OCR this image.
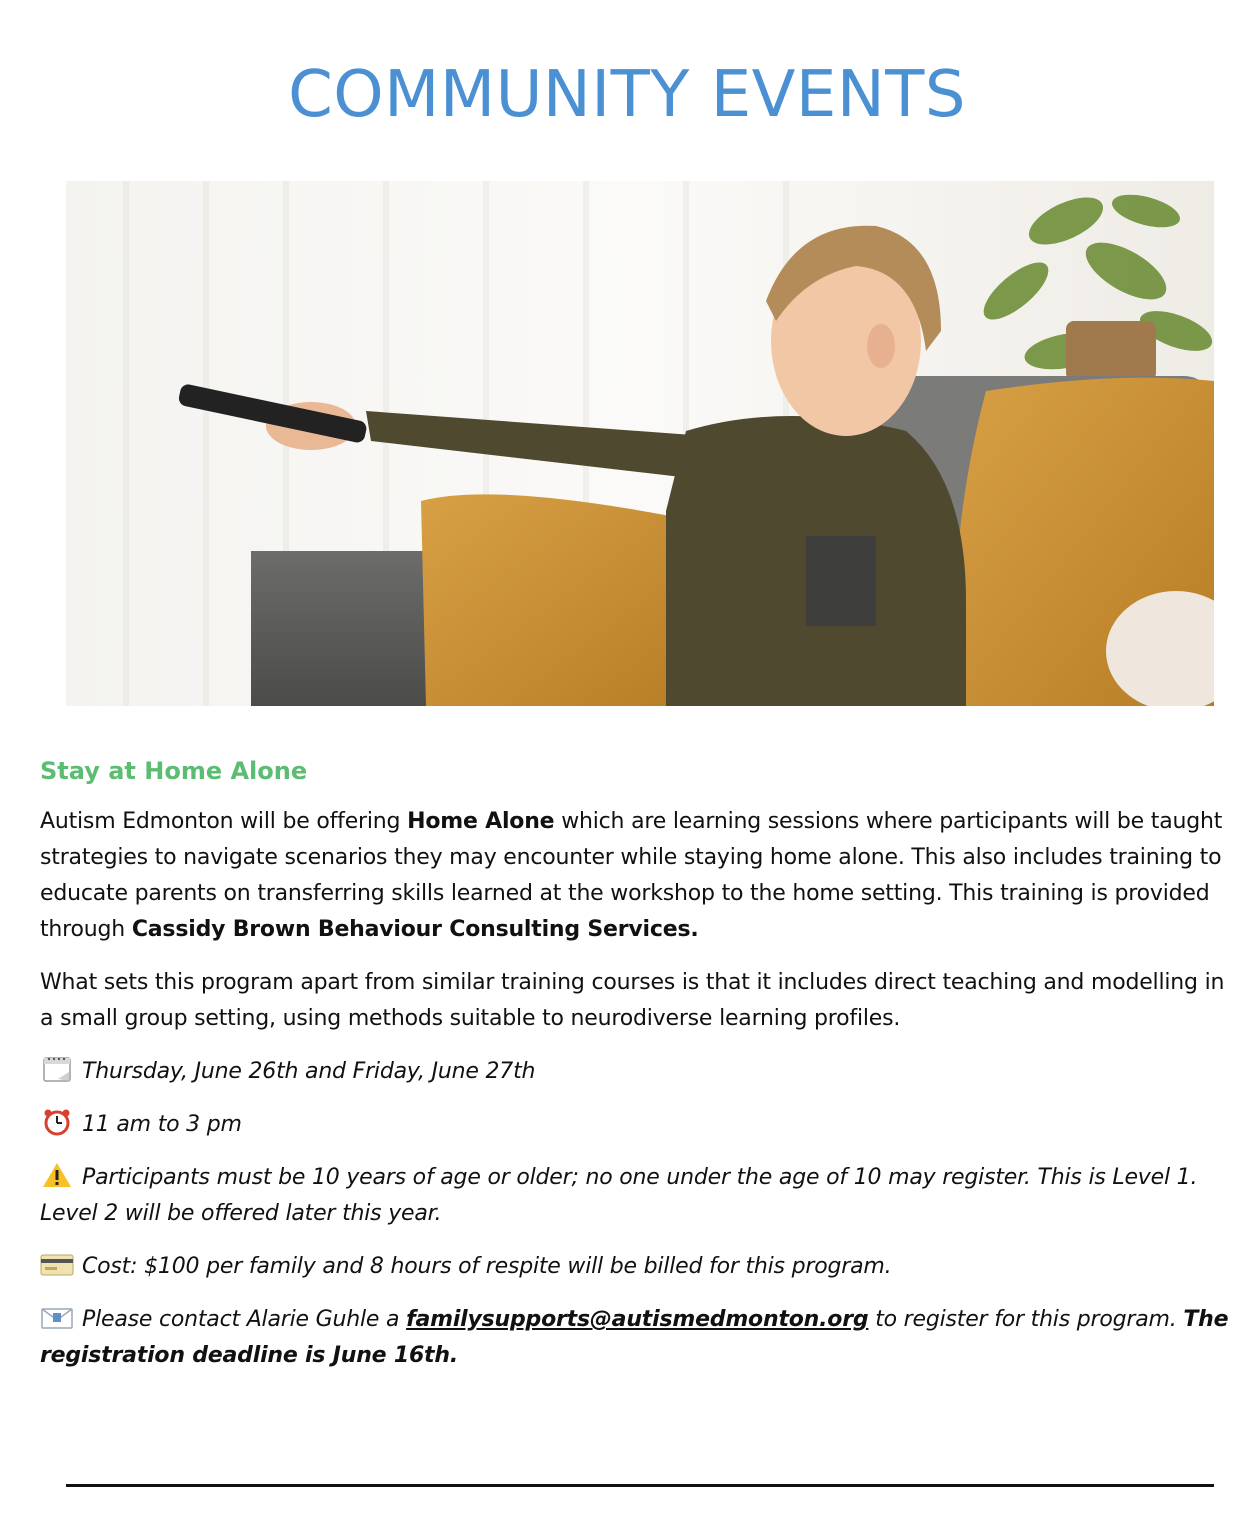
COMMUNITY EVENTS
Stay at Home Alone

Autism Edmonton will be offering Home Alone which are learning sessions where participants will be taught strategies to navigate scenarios they may encounter while staying home alone. This also includes training to educate parents on transferring skills learned at the workshop to the home setting. This training is provided through Cassidy Brown Behaviour Consulting Services.

What sets this program apart from similar training courses is that it includes direct teaching and modelling in a small group setting, using methods suitable to neurodiverse learning profiles.

Thursday, June 26th and Friday, June 27th

11 am to 3 pm

Participants must be 10 years of age or older; no one under the age of 10 may register. This is Level 1. Level 2 will be offered later this year.

Cost: $100 per family and 8 hours of respite will be billed for this program.

Please contact Alarie Guhle a familysupports@autismedmonton.org to register for this program. The registration deadline is June 16th.
